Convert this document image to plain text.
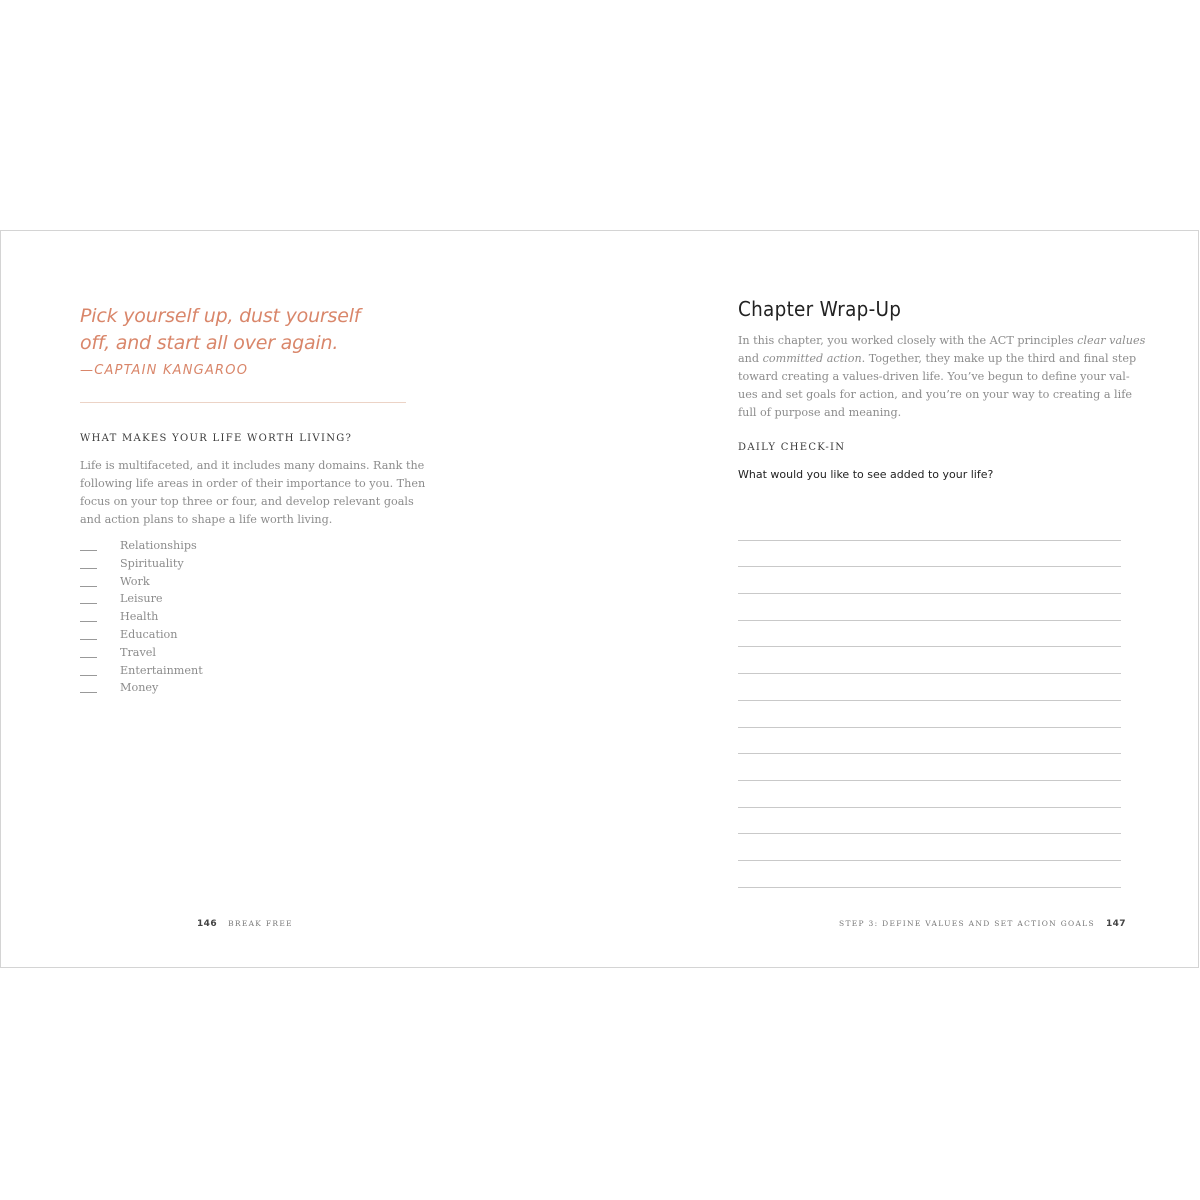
Pick yourself up, dust yourself
off, and start all over again.
—CAPTAIN KANGAROO
WHAT MAKES YOUR LIFE WORTH LIVING?
Life is multifaceted, and it includes many domains. Rank the
following life areas in order of their importance to you. Then
focus on your top three or four, and develop relevant goals
and action plans to shape a life worth living.
Relationships
Spirituality
Work
Leisure
Health
Education
Travel
Entertainment
Money
146 BREAK FREE
Chapter Wrap-Up
In this chapter, you worked closely with the ACT principles clear values
and committed action. Together, they make up the third and final step
toward creating a values-driven life. You’ve begun to define your val-
ues and set goals for action, and you’re on your way to creating a life
full of purpose and meaning.
DAILY CHECK-IN
What would you like to see added to your life?
STEP 3: DEFINE VALUES AND SET ACTION GOALS 147
